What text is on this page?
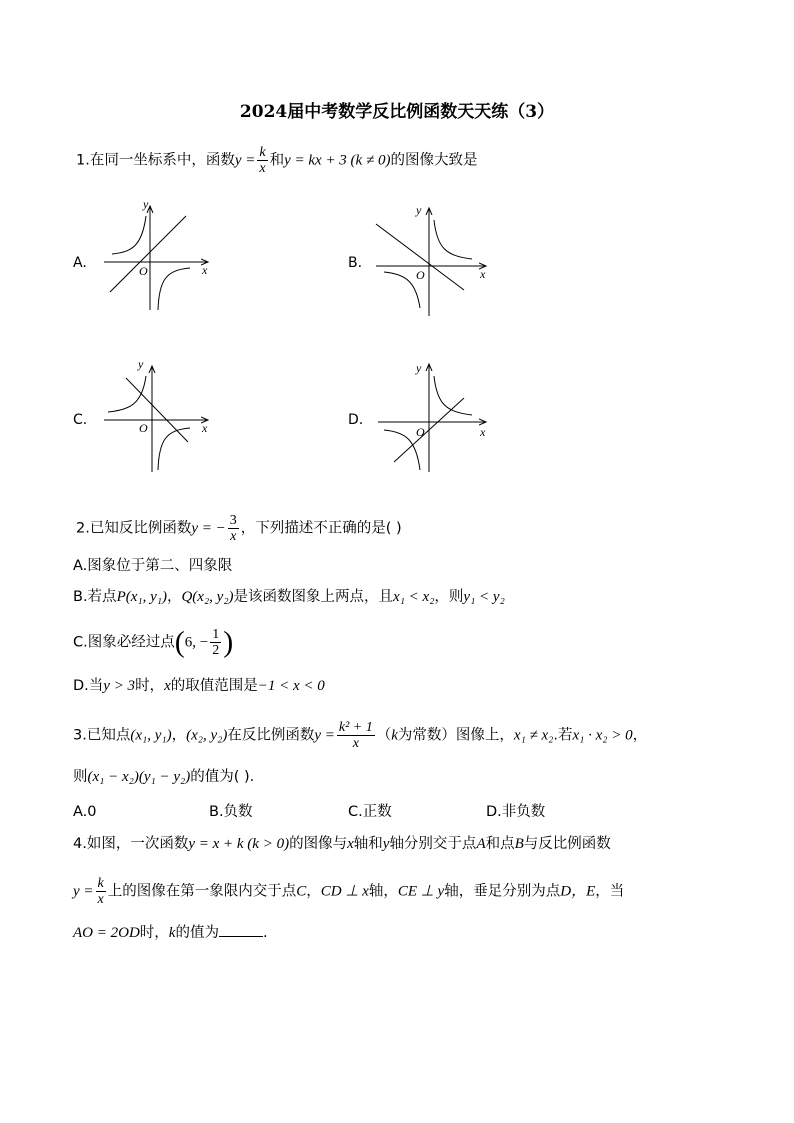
2024届中考数学反比例函数天天练（3）
1.在同一坐标系中，函数$y = \frac{k}{x}$ 和y = kx + 3 (k ≠ 0)的图像大致是
A.	B.
C.	D.
y
x
O
y
x
O
y
x
O
y
x
O
2.已知反比例函数y = − $\frac{3}{x}$ ，下列描述不正确的是( )
A.图象位于第二、四象限
B.若点P(x₁, y₁)，Q(x₂, y₂)是该函数图象上两点，且x₁ < x₂，则y₁ < y₂
C.图象必经过点(6, − $\frac{1}{2}$ )
D.当y > 3时，x的取值范围是−1 < x < 0
3.已知点(x₁, y₁)，(x₂, y₂)在反比例函数$y = \frac{\text{k² + 1}}{x} (k$为常数）图像上，x₁ ≠ x₂.若x₁ · x₂ > 0，
则(x₁ − x₂)(y₁ − y₂)的值为( ).
A.0	B.负数	C.正数	D.非负数
4.如图，一次函数y = x + k (k > 0)的图像与x轴和y轴分别交于点A和点B与反比例函数
$y = \frac{k}{x}$ 上的图像在第一象限内交于点C，CD ⊥ x轴，CE ⊥ y轴，垂足分别为点D，E，当
AO = 2OD时，k的值为	.
